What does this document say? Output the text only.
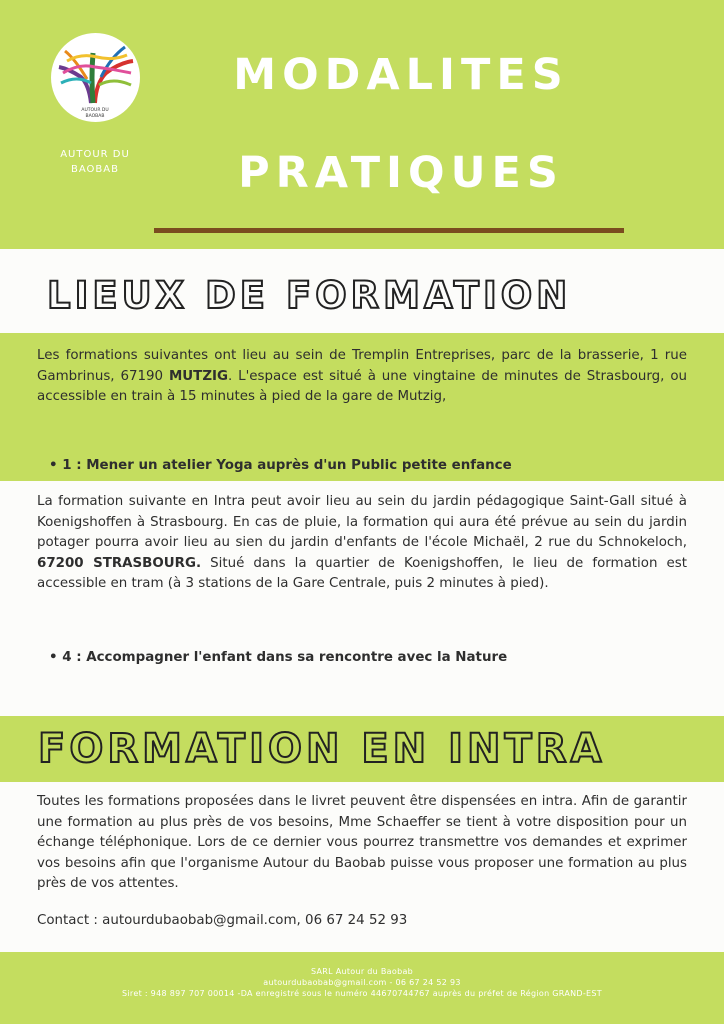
AUTOUR DU
BAOBAB
AUTOUR DU
BAOBAB
MODALITES
PRATIQUES
LIEUX DE FORMATION

Les formations suivantes ont lieu au sein de Tremplin Entreprises, parc de la brasserie, 1 rue Gambrinus, 67190 MUTZIG. L'espace est situé à une vingtaine de minutes de Strasbourg, ou accessible en train à 15 minutes à pied de la gare de Mutzig,

• 1 : Mener un atelier Yoga auprès d'un Public petite enfance

La formation suivante en Intra peut avoir lieu au sein du jardin pédagogique Saint-Gall situé à Koenigshoffen à Strasbourg. En cas de pluie, la formation qui aura été prévue au sein du jardin potager pourra avoir lieu au sien du jardin d'enfants de l'école Michaël, 2 rue du Schnokeloch, 67200 STRASBOURG. Situé dans la quartier de Koenigshoffen, le lieu de formation est accessible en tram (à 3 stations de la Gare Centrale, puis 2 minutes à pied).

• 4 : Accompagner l'enfant dans sa rencontre avec la Nature

FORMATION EN INTRA

Toutes les formations proposées dans le livret peuvent être dispensées en intra. Afin de garantir une formation au plus près de vos besoins, Mme Schaeffer se tient à votre disposition pour un échange téléphonique. Lors de ce dernier vous pourrez transmettre vos demandes et exprimer vos besoins afin que l'organisme Autour du Baobab puisse vous proposer une formation au plus près de vos attentes.

Contact : autourdubaobab@gmail.com, 06 67 24 52 93

SARL Autour du Baobab
autourdubaobab@gmail.com - 06 67 24 52 93
Siret : 948 897 707 00014 -DA enregistré sous le numéro 44670744767 auprès du préfet de Région GRAND-EST
